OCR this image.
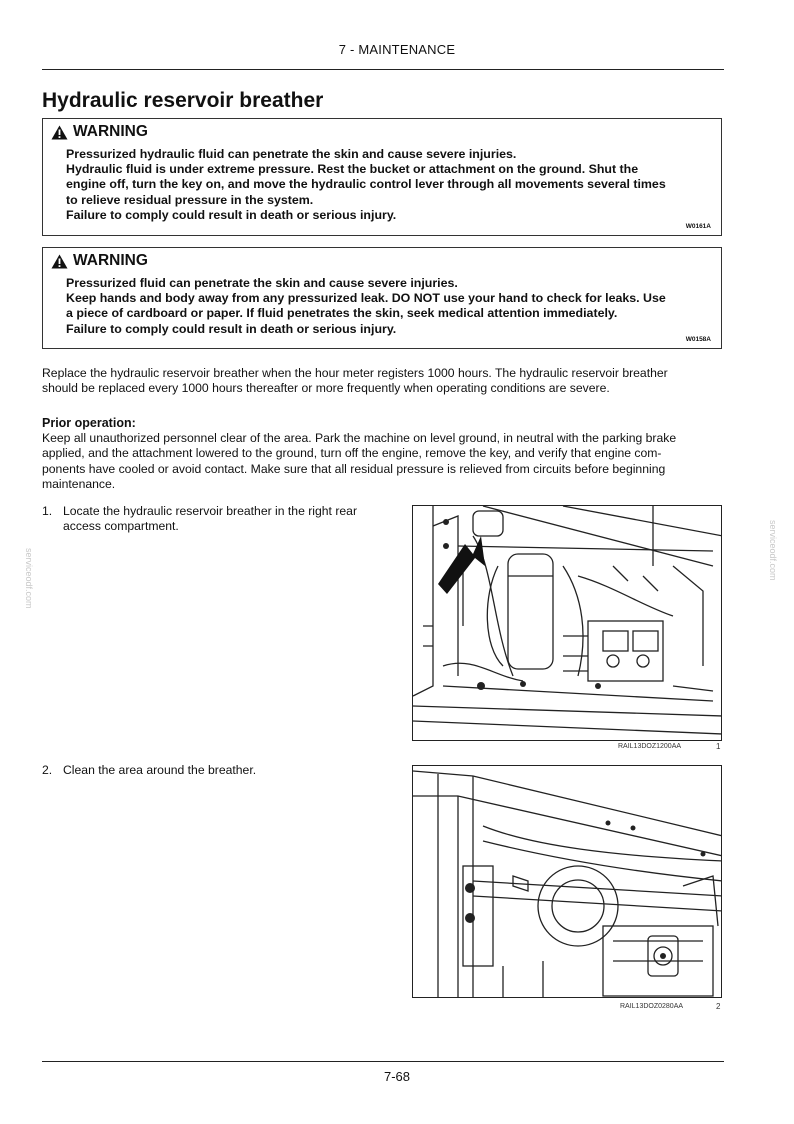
7 - MAINTENANCE
Hydraulic reservoir breather
WARNING
Pressurized hydraulic fluid can penetrate the skin and cause severe injuries.
Hydraulic fluid is under extreme pressure. Rest the bucket or attachment on the ground. Shut the
engine off, turn the key on, and move the hydraulic control lever through all movements several times
to relieve residual pressure in the system.
Failure to comply could result in death or serious injury.
W0161A
WARNING
Pressurized fluid can penetrate the skin and cause severe injuries.
Keep hands and body away from any pressurized leak. DO NOT use your hand to check for leaks. Use
a piece of cardboard or paper. If fluid penetrates the skin, seek medical attention immediately.
Failure to comply could result in death or serious injury.
W0158A
Replace the hydraulic reservoir breather when the hour meter registers 1000 hours. The hydraulic reservoir breather
should be replaced every 1000 hours thereafter or more frequently when operating conditions are severe.
Prior operation:
Keep all unauthorized personnel clear of the area. Park the machine on level ground, in neutral with the parking brake
applied, and the attachment lowered to the ground, turn off the engine, remove the key, and verify that engine com-
ponents have cooled or avoid contact. Make sure that all residual pressure is relieved from circuits before beginning
maintenance.
1. Locate the hydraulic reservoir breather in the right rear
access compartment.
RAIL13DOZ1200AA	1
2. Clean the area around the breather.
RAIL13DOZ0280AA	2
serviceodf.com	serviceodf.com
7-68
